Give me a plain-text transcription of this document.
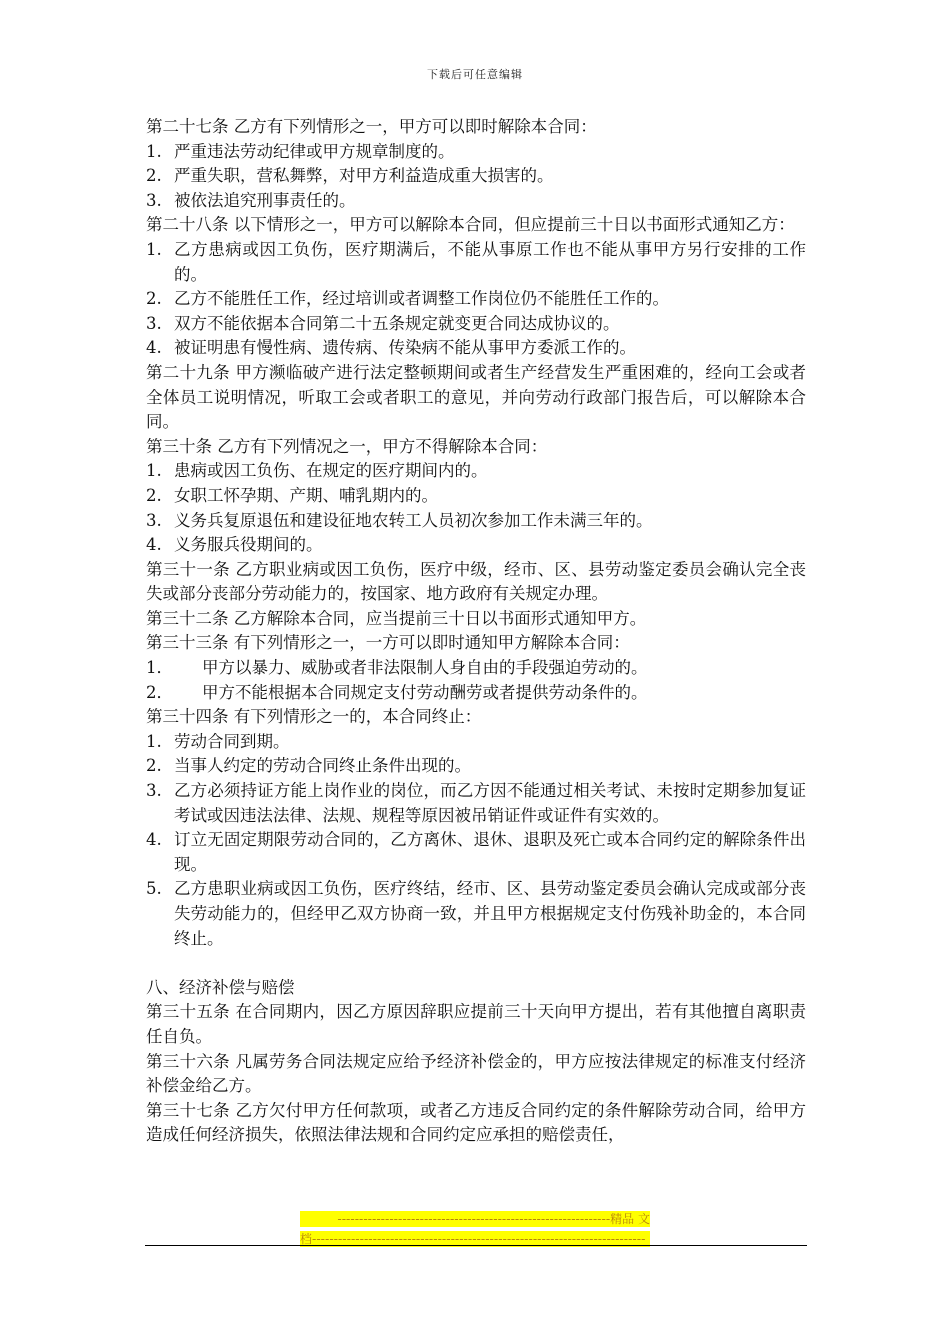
下载后可任意编辑

第二十七条 乙方有下列情形之一，甲方可以即时解除本合同：

1. 严重违法劳动纪律或甲方规章制度的。
2. 严重失职，营私舞弊，对甲方利益造成重大损害的。
3. 被依法追究刑事责任的。

第二十八条 以下情形之一，甲方可以解除本合同，但应提前三十日以书面形式通知乙方：

1. 乙方患病或因工负伤，医疗期满后，不能从事原工作也不能从事甲方另行安排的工作的。
2. 乙方不能胜任工作，经过培训或者调整工作岗位仍不能胜任工作的。
3. 双方不能依据本合同第二十五条规定就变更合同达成协议的。
4. 被证明患有慢性病、遗传病、传染病不能从事甲方委派工作的。

第二十九条 甲方濒临破产进行法定整顿期间或者生产经营发生严重困难的，经向工会或者全体员工说明情况，听取工会或者职工的意见，并向劳动行政部门报告后，可以解除本合同。

第三十条 乙方有下列情况之一，甲方不得解除本合同：

1. 患病或因工负伤、在规定的医疗期间内的。
2. 女职工怀孕期、产期、哺乳期内的。
3. 义务兵复原退伍和建设征地农转工人员初次参加工作未满三年的。
4. 义务服兵役期间的。

第三十一条 乙方职业病或因工负伤，医疗中级，经市、区、县劳动鉴定委员会确认完全丧失或部分丧部分劳动能力的，按国家、地方政府有关规定办理。

第三十二条 乙方解除本合同，应当提前三十日以书面形式通知甲方。

第三十三条 有下列情形之一，一方可以即时通知甲方解除本合同：

1． 甲方以暴力、威胁或者非法限制人身自由的手段强迫劳动的。
2． 甲方不能根据本合同规定支付劳动酬劳或者提供劳动条件的。

第三十四条 有下列情形之一的，本合同终止：

1. 劳动合同到期。
2. 当事人约定的劳动合同终止条件出现的。
3. 乙方必须持证方能上岗作业的岗位，而乙方因不能通过相关考试、未按时定期参加复证考试或因违法法律、法规、规程等原因被吊销证件或证件有实效的。
4. 订立无固定期限劳动合同的，乙方离休、退休、退职及死亡或本合同约定的解除条件出现。
5. 乙方患职业病或因工负伤，医疗终结，经市、区、县劳动鉴定委员会确认完成或部分丧失劳动能力的，但经甲乙双方协商一致，并且甲方根据规定支付伤残补助金的，本合同终止。

八、经济补偿与赔偿

第三十五条 在合同期内，因乙方原因辞职应提前三十天向甲方提出，若有其他擅自离职责任自负。

第三十六条 凡属劳务合同法规定应给予经济补偿金的，甲方应按法律规定的标准支付经济补偿金给乙方。

第三十七条 乙方欠付甲方任何款项，或者乙方违反合同约定的条件解除劳动合同，给甲方造成任何经济损失，依照法律法规和合同约定应承担的赔偿责任，

---------------------------------------------------------------精品 文
档-----------------------------------------------------------------------------
